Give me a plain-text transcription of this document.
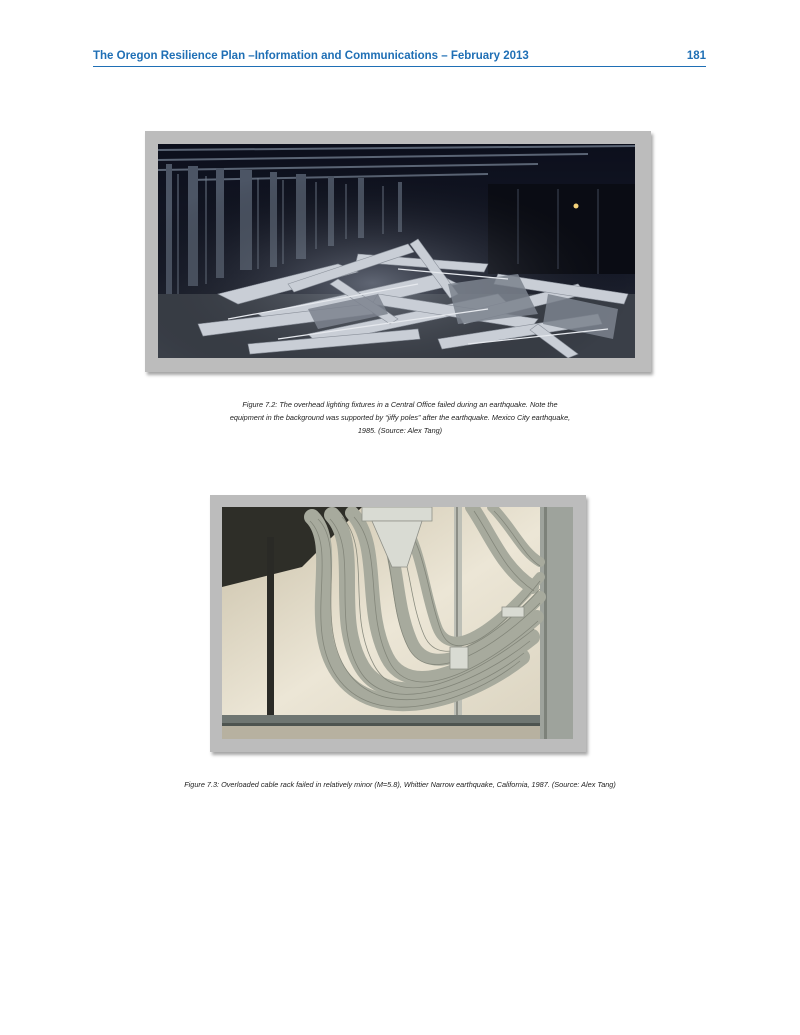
The Oregon Resilience Plan –Information and Communications – February 2013	181
Figure 7.2: The overhead lighting fixtures in a Central Office failed during an earthquake. Note the
equipment in the background was supported by “jiffy poles” after the earthquake. Mexico City earthquake,
1985. (Source: Alex Tang)
Figure 7.3: Overloaded cable rack failed in relatively minor (M=5.8), Whittier Narrow earthquake, California, 1987. (Source: Alex Tang)
